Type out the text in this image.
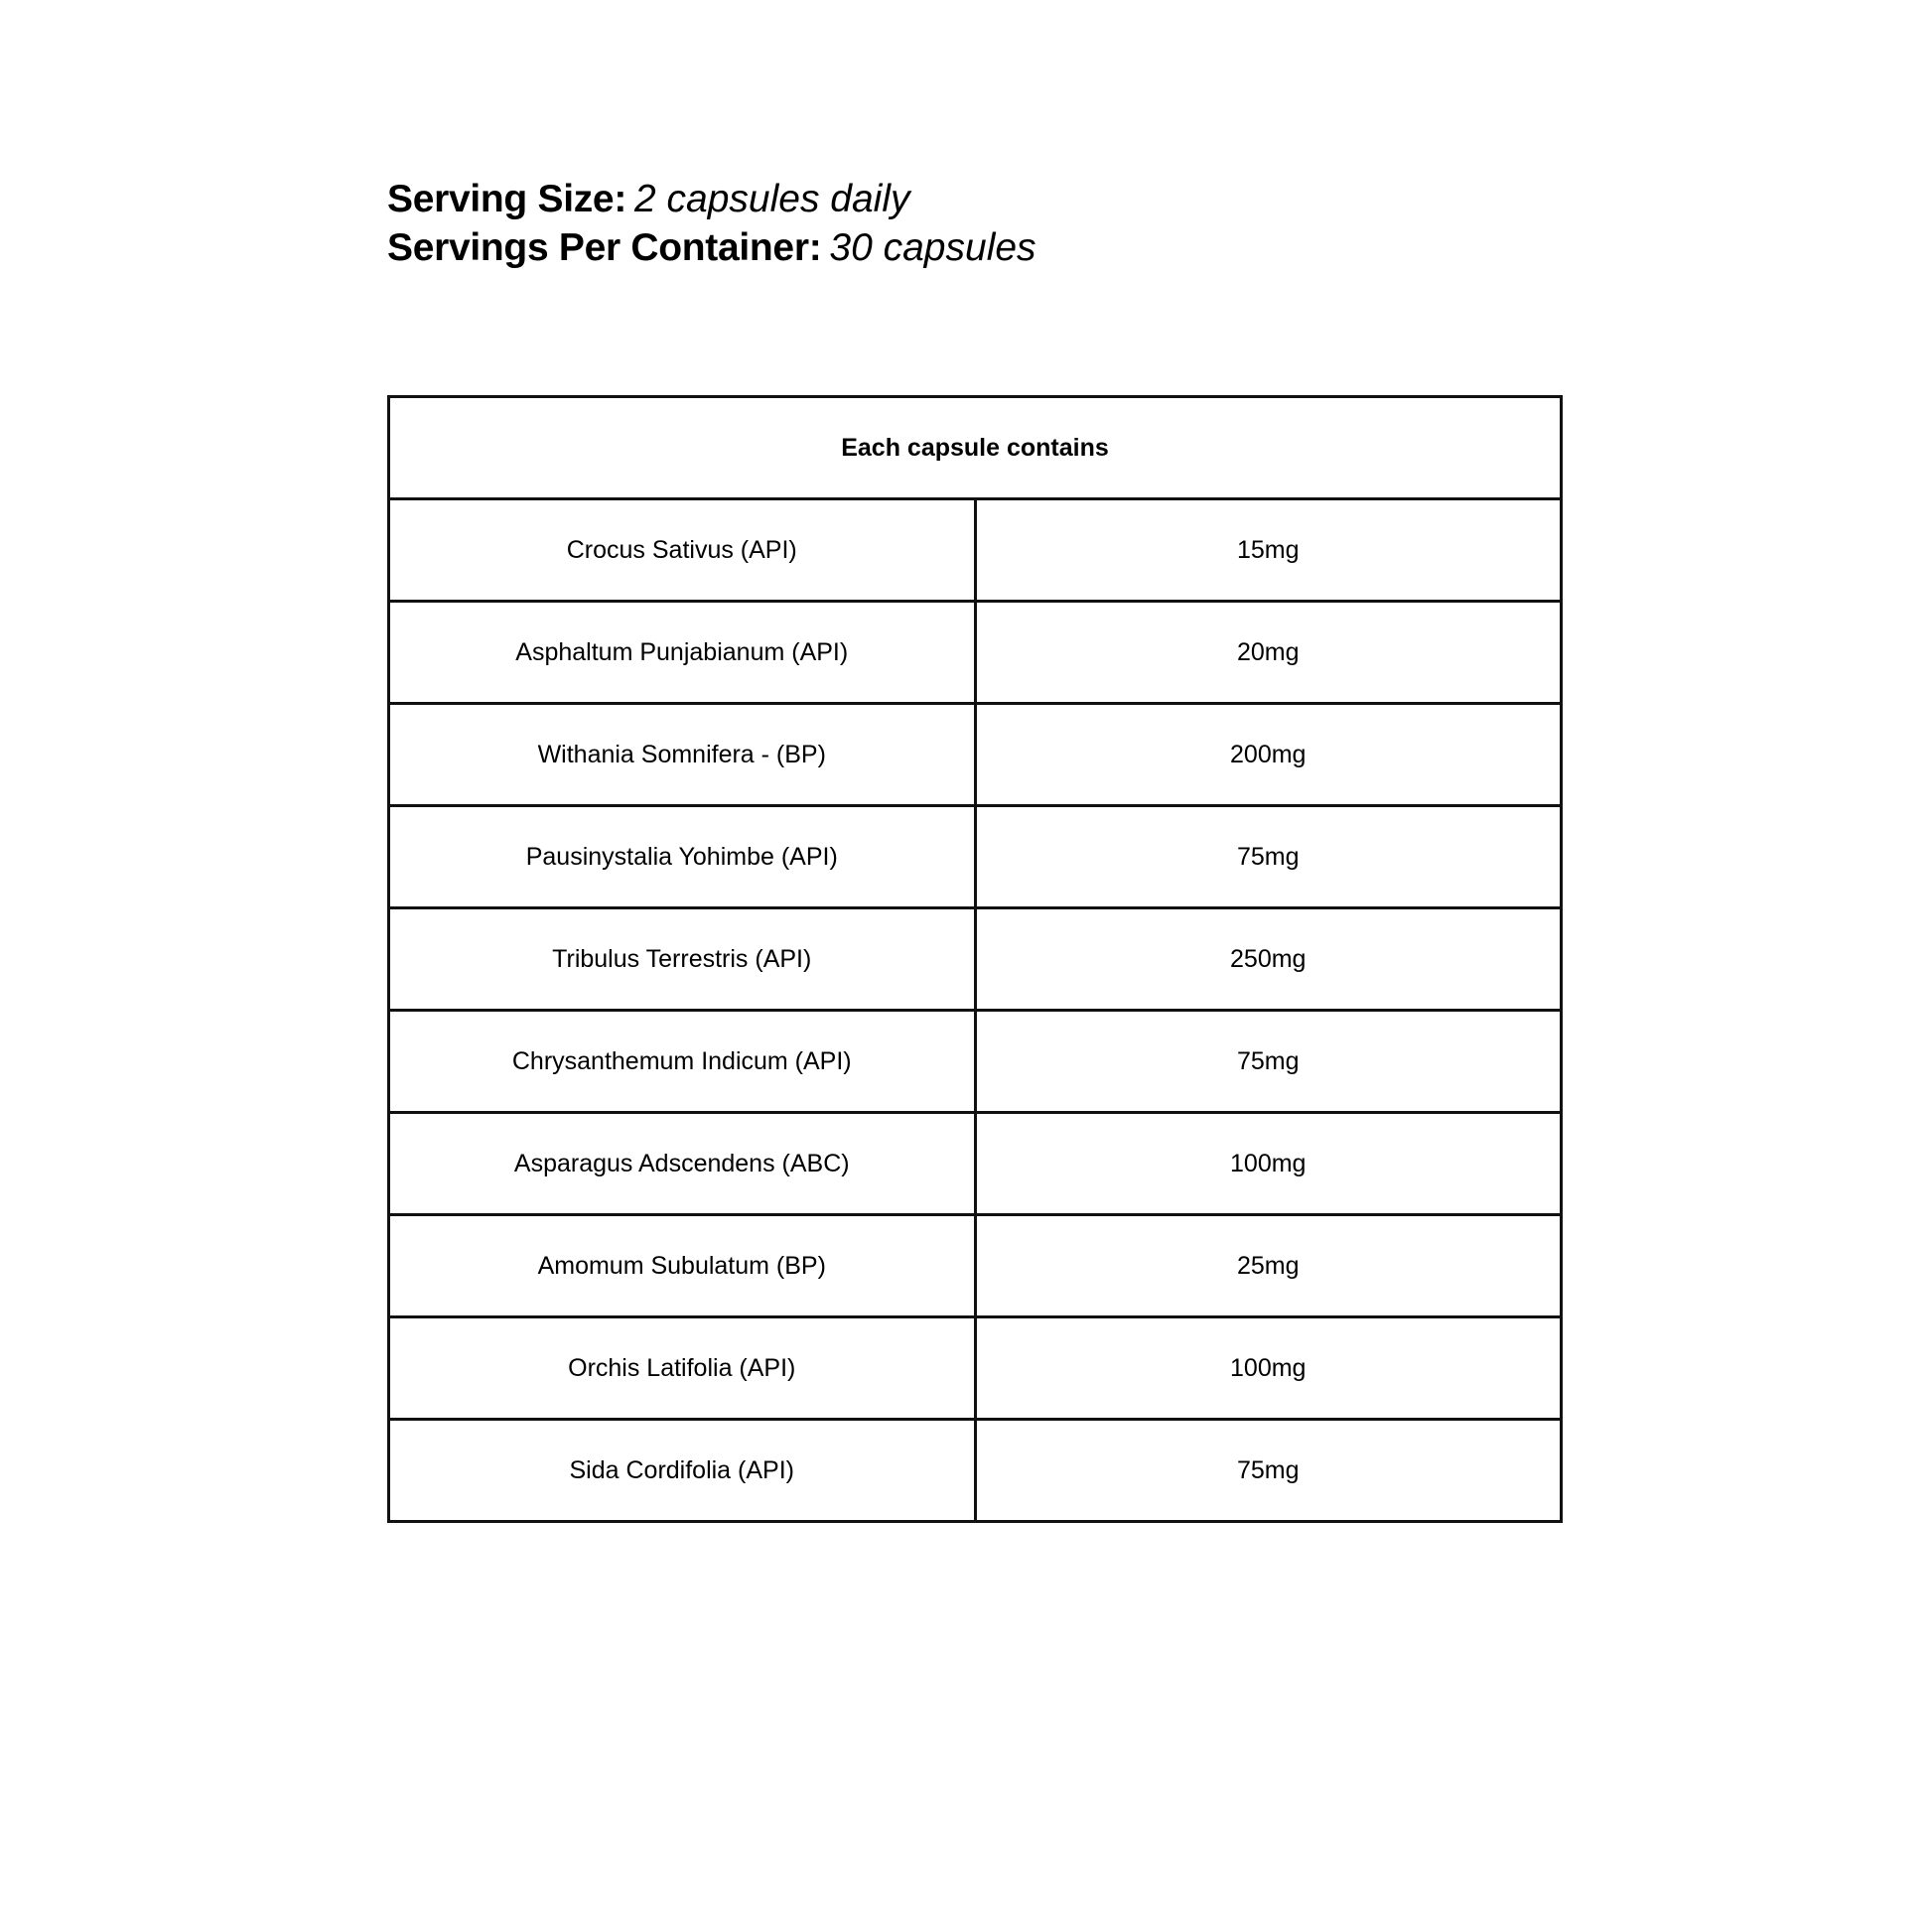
Serving Size: 2 capsules daily
Servings Per Container: 30 capsules
Each capsule contains	
Crocus Sativus (API)	15mg
Asphaltum Punjabianum (API)	20mg
Withania Somnifera - (BP)	200mg
Pausinystalia Yohimbe (API)	75mg
Tribulus Terrestris (API)	250mg
Chrysanthemum Indicum (API)	75mg
Asparagus Adscendens (ABC)	100mg
Amomum Subulatum (BP)	25mg
Orchis Latifolia (API)	100mg
Sida Cordifolia (API)	75mg
